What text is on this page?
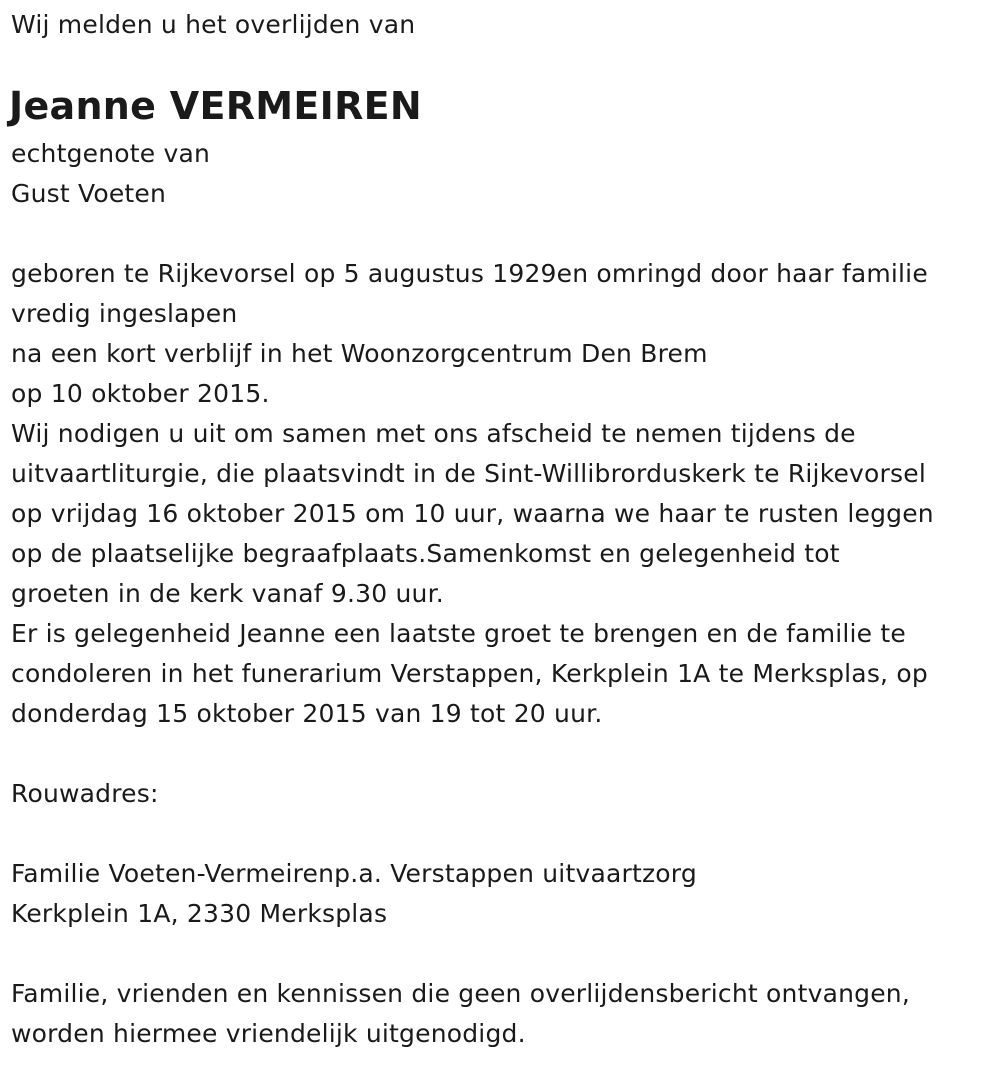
Wij melden u het overlijden van
Jeanne VERMEIREN
echtgenote van
Gust Voeten
geboren te Rijkevorsel op 5 augustus 1929en omringd door haar familie
vredig ingeslapen
na een kort verblijf in het Woonzorgcentrum Den Brem
op 10 oktober 2015.
Wij nodigen u uit om samen met ons afscheid te nemen tijdens de
uitvaartliturgie, die plaatsvindt in de Sint-Willibrorduskerk te Rijkevorsel
op vrijdag 16 oktober 2015 om 10 uur, waarna we haar te rusten leggen
op de plaatselijke begraafplaats.Samenkomst en gelegenheid tot
groeten in de kerk vanaf 9.30 uur.
Er is gelegenheid Jeanne een laatste groet te brengen en de familie te
condoleren in het funerarium Verstappen, Kerkplein 1A te Merksplas, op
donderdag 15 oktober 2015 van 19 tot 20 uur.
Rouwadres:
Familie Voeten-Vermeirenp.a. Verstappen uitvaartzorg
Kerkplein 1A, 2330 Merksplas
Familie, vrienden en kennissen die geen overlijdensbericht ontvangen,
worden hiermee vriendelijk uitgenodigd.
